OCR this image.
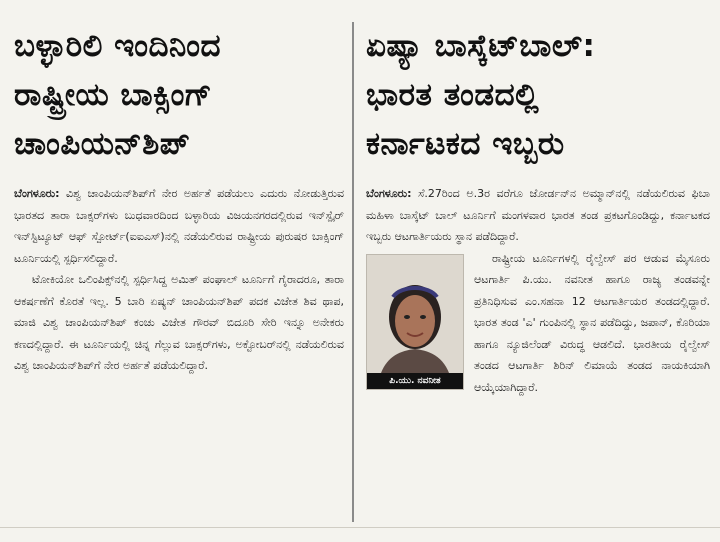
ಬಳ್ಳಾರಿಲಿ ಇಂದಿನಿಂದ
ರಾಷ್ಟ್ರೀಯ ಬಾಕ್ಸಿಂಗ್
ಚಾಂಪಿಯನ್‌ಶಿಪ್

ಬೆಂಗಳೂರು: ವಿಶ್ವ ಚಾಂಪಿಯನ್‌ಶಿಪ್‌ಗೆ ನೇರ ಅರ್ಹತೆ ಪಡೆಯಲು ಎದುರು ನೋಡುತ್ತಿರುವ ಭಾರತದ ತಾರಾ ಬಾಕ್ಸರ್‌ಗಳು ಬುಧವಾರದಿಂದ ಬಳ್ಳಾರಿಯ ವಿಜಯನಗರದಲ್ಲಿರುವ ಇನ್‌ಸ್ಪೈರ್ ಇನ್‌ಸ್ಟಿಟ್ಯೂಟ್ ಆಫ್ ಸ್ಪೋರ್ಟ್(ಐಐಎಸ್)ನಲ್ಲಿ ನಡೆಯಲಿರುವ ರಾಷ್ಟ್ರೀಯ ಪುರುಷರ ಬಾಕ್ಸಿಂಗ್ ಟೂರ್ನಿಯಲ್ಲಿ ಸ್ಪರ್ಧಿಸಲಿದ್ದಾರೆ.

ಟೋಕಿಯೋ ಒಲಿಂಪಿಕ್ಸ್‌ನಲ್ಲಿ ಸ್ಪರ್ಧಿಸಿದ್ದ ಅಮಿತ್ ಪಂಘಾಲ್ ಟೂರ್ನಿಗೆ ಗೈರಾದರೂ, ತಾರಾ ಆಕರ್ಷಣೆಗೆ ಕೊರತೆ ಇಲ್ಲ. 5 ಬಾರಿ ಏಷ್ಯನ್ ಚಾಂಪಿಯನ್‌ಶಿಪ್ ಪದಕ ವಿಜೇತ ಶಿವ ಥಾಪ, ಮಾಜಿ ವಿಶ್ವ ಚಾಂಪಿಯನ್‌ಶಿಪ್ ಕಂಚು ವಿಜೇತ ಗೌರವ್ ಬಿದೂರಿ ಸೇರಿ ಇನ್ನೂ ಅನೇಕರು ಕಣದಲ್ಲಿದ್ದಾರೆ. ಈ ಟೂರ್ನಿಯಲ್ಲಿ ಚಿನ್ನ ಗೆಲ್ಲುವ ಬಾಕ್ಸರ್‌ಗಳು, ಅಕ್ಟೋಬರ್‌ನಲ್ಲಿ ನಡೆಯಲಿರುವ ವಿಶ್ವ ಚಾಂಪಿಯನ್‌ಶಿಪ್‌ಗೆ ನೇರ ಅರ್ಹತೆ ಪಡೆಯಲಿದ್ದಾರೆ.

ಏಷ್ಯಾ ಬಾಸ್ಕೆಟ್‌ಬಾಲ್:
ಭಾರತ ತಂಡದಲ್ಲಿ
ಕರ್ನಾಟಕದ ಇಬ್ಬರು

ಬೆಂಗಳೂರು: ಸೆ.27ರಿಂದ ಅ.3ರ ವರೆಗೂ ಜೋರ್ಡನ್‌ನ ಅಮ್ಮಾನ್‌ನಲ್ಲಿ ನಡೆಯಲಿರುವ ಫಿಬಾ ಮಹಿಳಾ ಬಾಸ್ಕೆಟ್ ಬಾಲ್ ಟೂರ್ನಿಗೆ ಮಂಗಳವಾರ ಭಾರತ ತಂಡ ಪ್ರಕಟಗೊಂಡಿದ್ದು, ಕರ್ನಾಟಕದ ಇಬ್ಬರು ಆಟಗಾರ್ತಿಯರು ಸ್ಥಾನ ಪಡೆದಿದ್ದಾರೆ.

ಪಿ.ಯು. ನವನೀತ

ರಾಷ್ಟ್ರೀಯ ಟೂರ್ನಿಗಳಲ್ಲಿ ರೈಲ್ವೇಸ್ ಪರ ಆಡುವ ಮೈಸೂರು ಆಟಗಾರ್ತಿ ಪಿ.ಯು. ನವನೀತ ಹಾಗೂ ರಾಜ್ಯ ತಂಡವನ್ನೇ ಪ್ರತಿನಿಧಿಸುವ ಎಂ.ಸಹನಾ 12 ಆಟಗಾರ್ತಿಯರ ತಂಡದಲ್ಲಿದ್ದಾರೆ. ಭಾರತ ತಂಡ 'ಎ' ಗುಂಪಿನಲ್ಲಿ ಸ್ಥಾನ ಪಡೆದಿದ್ದು, ಜಪಾನ್, ಕೊರಿಯಾ ಹಾಗೂ ನ್ಯೂಜಿಲೆಂಡ್ ವಿರುದ್ಧ ಆಡಲಿದೆ. ಭಾರತೀಯ ರೈಲ್ವೇಸ್ ತಂಡದ ಆಟಗಾರ್ತಿ ಶಿರಿನ್ ಲಿಮಾಯೆ ತಂಡದ ನಾಯಕಿಯಾಗಿ ಆಯ್ಕೆಯಾಗಿದ್ದಾರೆ.
